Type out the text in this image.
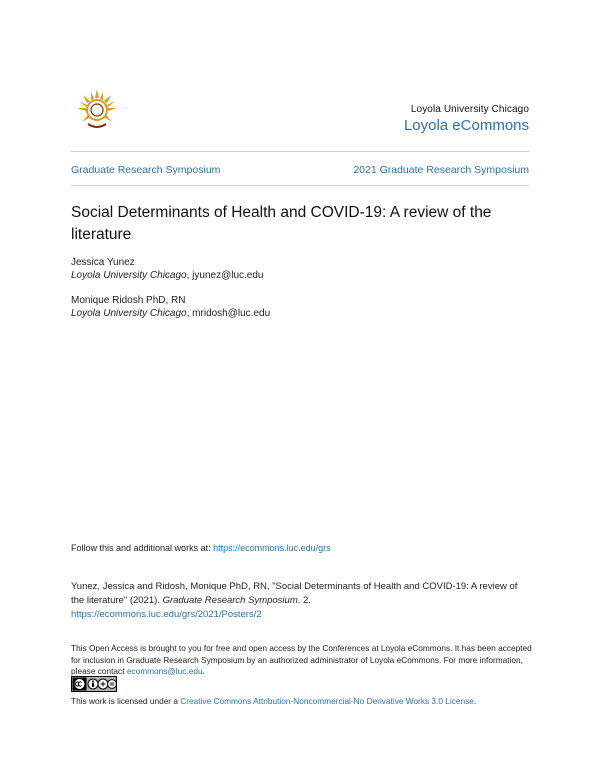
Loyola University Chicago
Loyola eCommons
Graduate Research Symposium	2021 Graduate Research Symposium
Social Determinants of Health and COVID-19: A review of the literature
Jessica Yunez
Loyola University Chicago, jyunez@luc.edu
Monique Ridosh PhD, RN
Loyola University Chicago, mridosh@luc.edu
Follow this and additional works at: https://ecommons.luc.edu/grs
Yunez, Jessica and Ridosh, Monique PhD, RN, "Social Determinants of Health and COVID-19: A review of the literature" (2021). Graduate Research Symposium. 2.
https://ecommons.luc.edu/grs/2021/Posters/2
This Open Access is brought to you for free and open access by the Conferences at Loyola eCommons. It has been accepted for inclusion in Graduate Research Symposium by an authorized administrator of Loyola eCommons. For more information, please contact ecommons@luc.edu.
This work is licensed under a Creative Commons Attribution-Noncommercial-No Derivative Works 3.0 License.
